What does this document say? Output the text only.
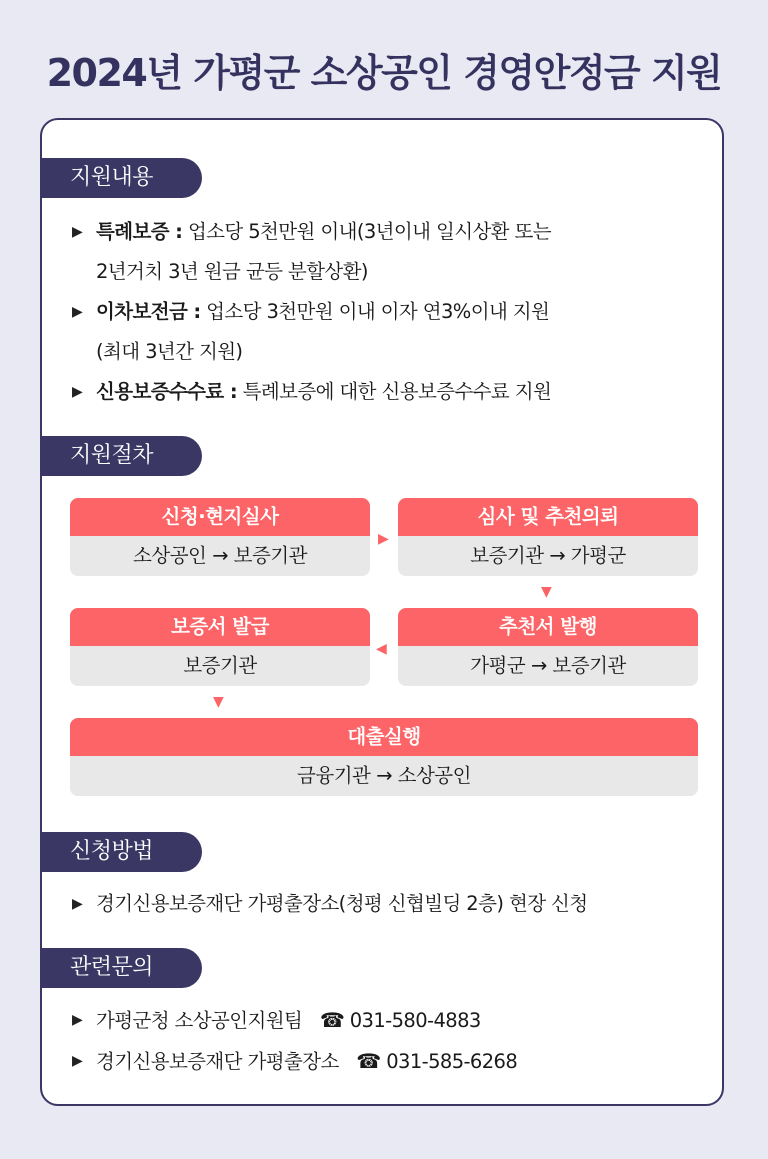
2024년 가평군 소상공인 경영안정금 지원
지원내용
▶ 특례보증 : 업소당 5천만원 이내(3년이내 일시상환 또는
2년거치 3년 원금 균등 분할상환)
▶ 이차보전금 : 업소당 3천만원 이내 이자 연3%이내 지원
(최대 3년간 지원)
▶ 신용보증수수료 : 특례보증에 대한 신용보증수수료 지원
지원절차
신청·현지실사
소상공인 → 보증기관
▶
심사 및 추천의뢰
보증기관 → 가평군
▼
보증서 발급
보증기관
◀
추천서 발행
가평군 → 보증기관
▼
대출실행
금융기관 → 소상공인
신청방법
▶ 경기신용보증재단 가평출장소(청평 신협빌딩 2층) 현장 신청
관련문의
▶ 가평군청 소상공인지원팀 ☎ 031-580-4883
▶ 경기신용보증재단 가평출장소 ☎ 031-585-6268
